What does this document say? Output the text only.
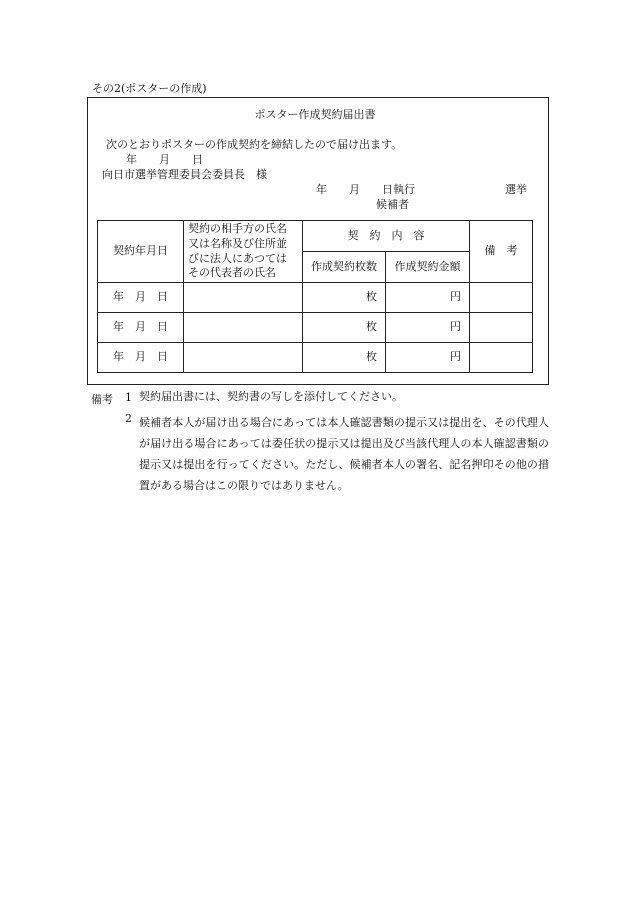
その2(ポスターの作成)
ポスター作成契約届出書
次のとおりポスターの作成契約を締結したので届け出ます。
年　　月　　日
向日市選挙管理委員会委員長　様
年　　月　　日執行	選挙
候補者
契約年月日	契約の相手方の氏名
又は名称及び住所並
びに法人にあつては
その代表者の氏名	契　約　内　容		備　考
		作成契約枚数	作成契約金額	
年　月　日		枚	円	
年　月　日		枚	円	
年　月　日		枚	円	
備考 1 契約届出書には、契約書の写しを添付してください。
2 候補者本人が届け出る場合にあっては本人確認書類の提示又は提出を、その代理人が届け出る場合にあっては委任状の提示又は提出及び当該代理人の本人確認書類の提示又は提出を行ってください。ただし、候補者本人の署名、記名押印その他の措置がある場合はこの限りではありません。
